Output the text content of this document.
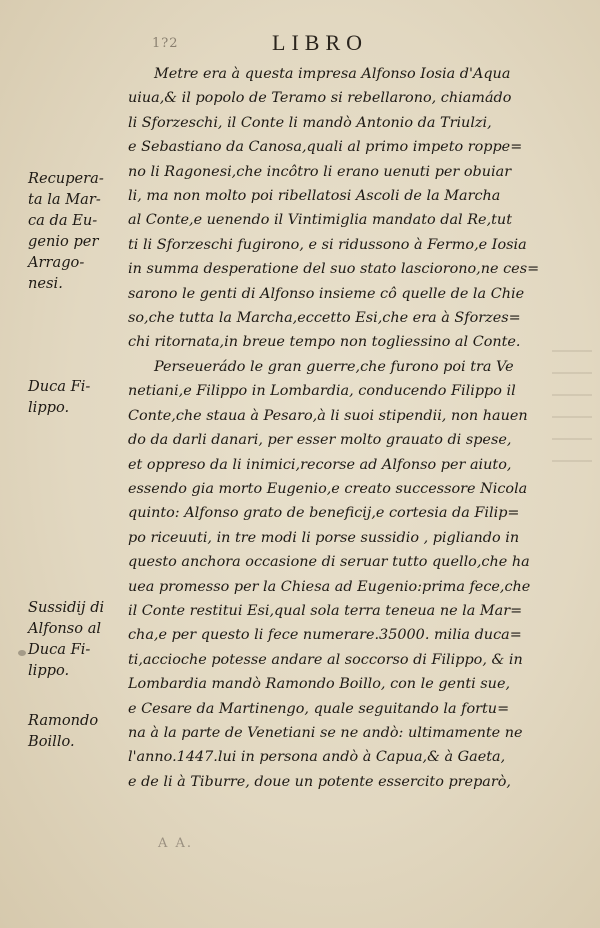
1?2	LIBRO
Metre era à questa impresa Alfonso Iosia d'Aqua
uiua,& il popolo de Teramo si rebellarono, chiamádo
li Sforzeschi, il Conte li mandò Antonio da Triulzi,
e Sebastiano da Canosa,quali al primo impeto roppe=
no li Ragonesi,che incôtro li erano uenuti per obuiar
li, ma non molto poi ribellatosi Ascoli de la Marcha
al Conte,e uenendo il Vintimiglia mandato dal Re,tut
ti li Sforzeschi fugirono, e si ridussono à Fermo,e Iosia
in summa desperatione del suo stato lasciorono,ne ces=
sarono le genti di Alfonso insieme cô quelle de la Chie
so,che tutta la Marcha,eccetto Esi,che era à Sforzes=
chi ritornata,in breue tempo non togliessino al Conte.
Perseuerádo le gran guerre,che furono poi tra Ve
netiani,e Filippo in Lombardia, conducendo Filippo il
Conte,che staua à Pesaro,à li suoi stipendii, non hauen
do da darli danari, per esser molto grauato di spese,
et oppreso da li inimici,recorse ad Alfonso per aiuto,
essendo gia morto Eugenio,e creato successore Nicola
quinto: Alfonso grato de beneficij,e cortesia da Filip=
po riceuuti, in tre modi li porse sussidio , pigliando in
questo anchora occasione di seruar tutto quello,che ha
uea promesso per la Chiesa ad Eugenio:prima fece,che
il Conte restitui Esi,qual sola terra teneua ne la Mar=
cha,e per questo li fece numerare.35000. milia duca=
ti,accioche potesse andare al soccorso di Filippo, & in
Lombardia mandò Ramondo Boillo, con le genti sue,
e Cesare da Martinengo, quale seguitando la fortu=
na à la parte de Venetiani se ne andò: ultimamente ne
l'anno.1447.lui in persona andò à Capua,& à Gaeta,
e de li à Tiburre, doue un potente essercito preparò,
Recupera-
ta la Mar-
ca da Eu-
genio per
Arrago-
nesi.
Duca Fi-
lippo.
Sussidij di
Alfonso al
Duca Fi-
lippo.
Ramondo
Boillo.
A A.
